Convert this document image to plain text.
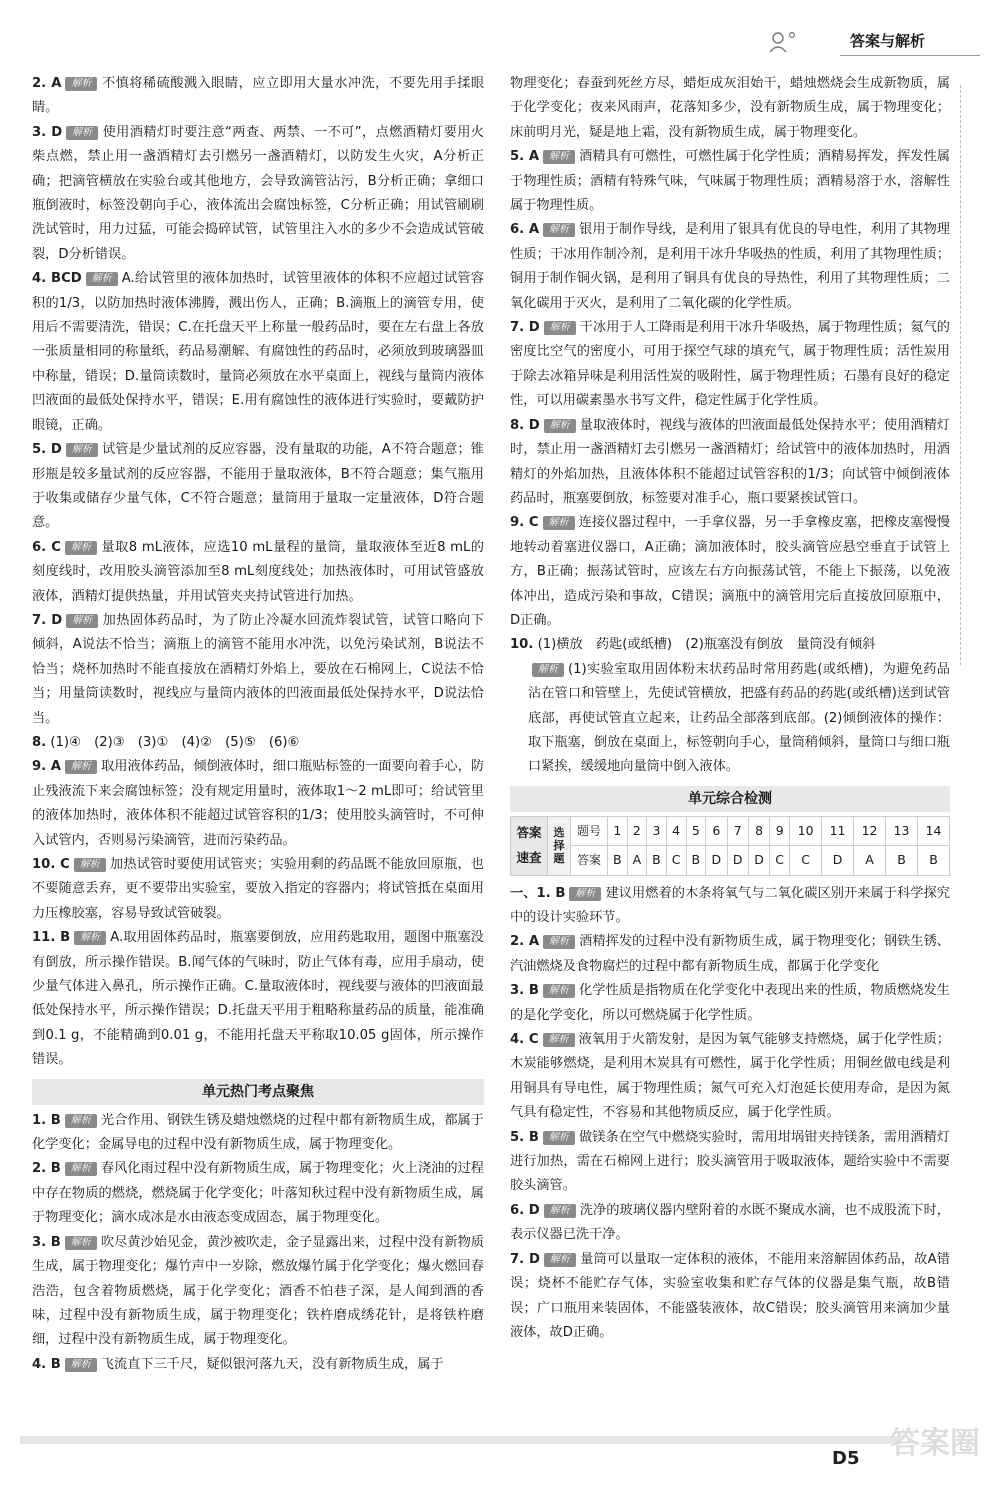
答案与解析

2. A 解析 不慎将稀硫酸溅入眼睛，应立即用大量水冲洗，不要先用手揉眼睛。

3. D 解析 使用酒精灯时要注意“两查、两禁、一不可”，点燃酒精灯要用火柴点燃，禁止用一盏酒精灯去引燃另一盏酒精灯，以防发生火灾，A分析正确；把滴管横放在实验台或其他地方，会导致滴管沾污，B分析正确；拿细口瓶倒液时，标签没朝向手心，液体流出会腐蚀标签，C分析正确；用试管刷刷洗试管时，用力过猛，可能会捣碎试管，试管里注入水的多少不会造成试管破裂，D分析错误。

4. BCD 解析 A.给试管里的液体加热时，试管里液体的体积不应超过试管容积的1/3，以防加热时液体沸腾，溅出伤人，正确；B.滴瓶上的滴管专用，使用后不需要清洗，错误；C.在托盘天平上称量一般药品时，要在左右盘上各放一张质量相同的称量纸，药品易潮解、有腐蚀性的药品时，必须放到玻璃器皿中称量，错误；D.量筒读数时，量筒必须放在水平桌面上，视线与量筒内液体凹液面的最低处保持水平，错误；E.用有腐蚀性的液体进行实验时，要戴防护眼镜，正确。

5. D 解析 试管是少量试剂的反应容器，没有量取的功能，A不符合题意；锥形瓶是较多量试剂的反应容器，不能用于量取液体，B不符合题意；集气瓶用于收集或储存少量气体，C不符合题意；量筒用于量取一定量液体，D符合题意。

6. C 解析 量取8 mL液体，应选10 mL量程的量筒，量取液体至近8 mL的刻度线时，改用胶头滴管添加至8 mL刻度线处；加热液体时，可用试管盛放液体，酒精灯提供热量，并用试管夹夹持试管进行加热。

7. D 解析 加热固体药品时，为了防止冷凝水回流炸裂试管，试管口略向下倾斜，A说法不恰当；滴瓶上的滴管不能用水冲洗，以免污染试剂，B说法不恰当；烧杯加热时不能直接放在酒精灯外焰上，要放在石棉网上，C说法不恰当；用量筒读数时，视线应与量筒内液体的凹液面最低处保持水平，D说法恰当。

8. (1)④　(2)③　(3)①　(4)②　(5)⑤　(6)⑥

9. A 解析 取用液体药品，倾倒液体时，细口瓶贴标签的一面要向着手心，防止残液流下来会腐蚀标签；没有规定用量时，液体取1～2 mL即可；给试管里的液体加热时，液体体积不能超过试管容积的1/3；使用胶头滴管时，不可伸入试管内，否则易污染滴管，进而污染药品。

10. C 解析 加热试管时要使用试管夹；实验用剩的药品既不能放回原瓶，也不要随意丢弃，更不要带出实验室，要放入指定的容器内；将试管抵在桌面用力压橡胶塞，容易导致试管破裂。

11. B 解析 A.取用固体药品时，瓶塞要倒放，应用药匙取用，题图中瓶塞没有倒放，所示操作错误。B.闻气体的气味时，防止气体有毒，应用手扇动，使少量气体进入鼻孔，所示操作正确。C.量取液体时，视线要与液体的凹液面最低处保持水平，所示操作错误；D.托盘天平用于粗略称量药品的质量，能准确到0.1 g，不能精确到0.01 g，不能用托盘天平称取10.05 g固体，所示操作错误。

单元热门考点聚焦

1. B 解析 光合作用、钢铁生锈及蜡烛燃烧的过程中都有新物质生成，都属于化学变化；金属导电的过程中没有新物质生成，属于物理变化。

2. B 解析 春风化雨过程中没有新物质生成，属于物理变化；火上浇油的过程中存在物质的燃烧，燃烧属于化学变化；叶落知秋过程中没有新物质生成，属于物理变化；滴水成冰是水由液态变成固态，属于物理变化。

3. B 解析 吹尽黄沙始见金，黄沙被吹走，金子显露出来，过程中没有新物质生成，属于物理变化；爆竹声中一岁除，燃放爆竹属于化学变化；爆火燃回春浩浩，包含着物质燃烧，属于化学变化；酒香不怕巷子深，是人闻到酒的香味，过程中没有新物质生成，属于物理变化；铁杵磨成绣花针，是将铁杵磨细，过程中没有新物质生成，属于物理变化。

4. B 解析 飞流直下三千尺，疑似银河落九天，没有新物质生成，属于

物理变化；春蚕到死丝方尽，蜡炬成灰泪始干，蜡烛燃烧会生成新物质，属于化学变化；夜来风雨声，花落知多少，没有新物质生成，属于物理变化；床前明月光，疑是地上霜，没有新物质生成，属于物理变化。

5. A 解析 酒精具有可燃性，可燃性属于化学性质；酒精易挥发，挥发性属于物理性质；酒精有特殊气味，气味属于物理性质；酒精易溶于水，溶解性属于物理性质。

6. A 解析 银用于制作导线，是利用了银具有优良的导电性，利用了其物理性质；干冰用作制冷剂，是利用干冰升华吸热的性质，利用了其物理性质；铜用于制作铜火锅，是利用了铜具有优良的导热性，利用了其物理性质；二氧化碳用于灭火，是利用了二氧化碳的化学性质。

7. D 解析 干冰用于人工降雨是利用干冰升华吸热，属于物理性质；氦气的密度比空气的密度小，可用于探空气球的填充气，属于物理性质；活性炭用于除去冰箱异味是利用活性炭的吸附性，属于物理性质；石墨有良好的稳定性，可以用碳素墨水书写文件，稳定性属于化学性质。

8. D 解析 量取液体时，视线与液体的凹液面最低处保持水平；使用酒精灯时，禁止用一盏酒精灯去引燃另一盏酒精灯；给试管中的液体加热时，用酒精灯的外焰加热，且液体体积不能超过试管容积的1/3；向试管中倾倒液体药品时，瓶塞要倒放，标签要对准手心，瓶口要紧挨试管口。

9. C 解析 连接仪器过程中，一手拿仪器，另一手拿橡皮塞，把橡皮塞慢慢地转动着塞进仪器口，A正确；滴加液体时，胶头滴管应悬空垂直于试管上方，B正确；振荡试管时，应该左右方向振荡试管，不能上下振荡，以免液体冲出，造成污染和事故，C错误；滴瓶中的滴管用完后直接放回原瓶中，D正确。

10. (1)横放　药匙(或纸槽)　(2)瓶塞没有倒放　量筒没有倾斜

解析 (1)实验室取用固体粉末状药品时常用药匙(或纸槽)，为避免药品沾在管口和管壁上，先使试管横放，把盛有药品的药匙(或纸槽)送到试管底部，再使试管直立起来，让药品全部落到底部。(2)倾倒液体的操作：取下瓶塞，倒放在桌面上，标签朝向手心，量筒稍倾斜，量筒口与细口瓶口紧挨，缓缓地向量筒中倒入液体。

单元综合检测
答案速查	选择题	题号	1	2	3	4	5	6	7	8	9	10	11	12	13	14
		答案	B	A	B	C	B	D	D	D	C	C	D	A	B	B

一、1. B 解析 建议用燃着的木条将氧气与二氧化碳区别开来属于科学探究中的设计实验环节。

2. A 解析 酒精挥发的过程中没有新物质生成，属于物理变化；钢铁生锈、汽油燃烧及食物腐烂的过程中都有新物质生成，都属于化学变化

3. B 解析 化学性质是指物质在化学变化中表现出来的性质，物质燃烧发生的是化学变化，所以可燃烧属于化学性质。

4. C 解析 液氧用于火箭发射，是因为氧气能够支持燃烧，属于化学性质；木炭能够燃烧，是利用木炭具有可燃性，属于化学性质；用铜丝做电线是利用铜具有导电性，属于物理性质；氮气可充入灯泡延长使用寿命，是因为氮气具有稳定性，不容易和其他物质反应，属于化学性质。

5. B 解析 做镁条在空气中燃烧实验时，需用坩埚钳夹持镁条，需用酒精灯进行加热，需在石棉网上进行；胶头滴管用于吸取液体，题给实验中不需要胶头滴管。

6. D 解析 洗净的玻璃仪器内壁附着的水既不聚成水滴，也不成股流下时，表示仪器已洗干净。

7. D 解析 量筒可以量取一定体积的液体，不能用来溶解固体药品，故A错误；烧杯不能贮存气体，实验室收集和贮存气体的仪器是集气瓶，故B错误；广口瓶用来装固体，不能盛装液体，故C错误；胶头滴管用来滴加少量液体，故D正确。

D5 答案圈
